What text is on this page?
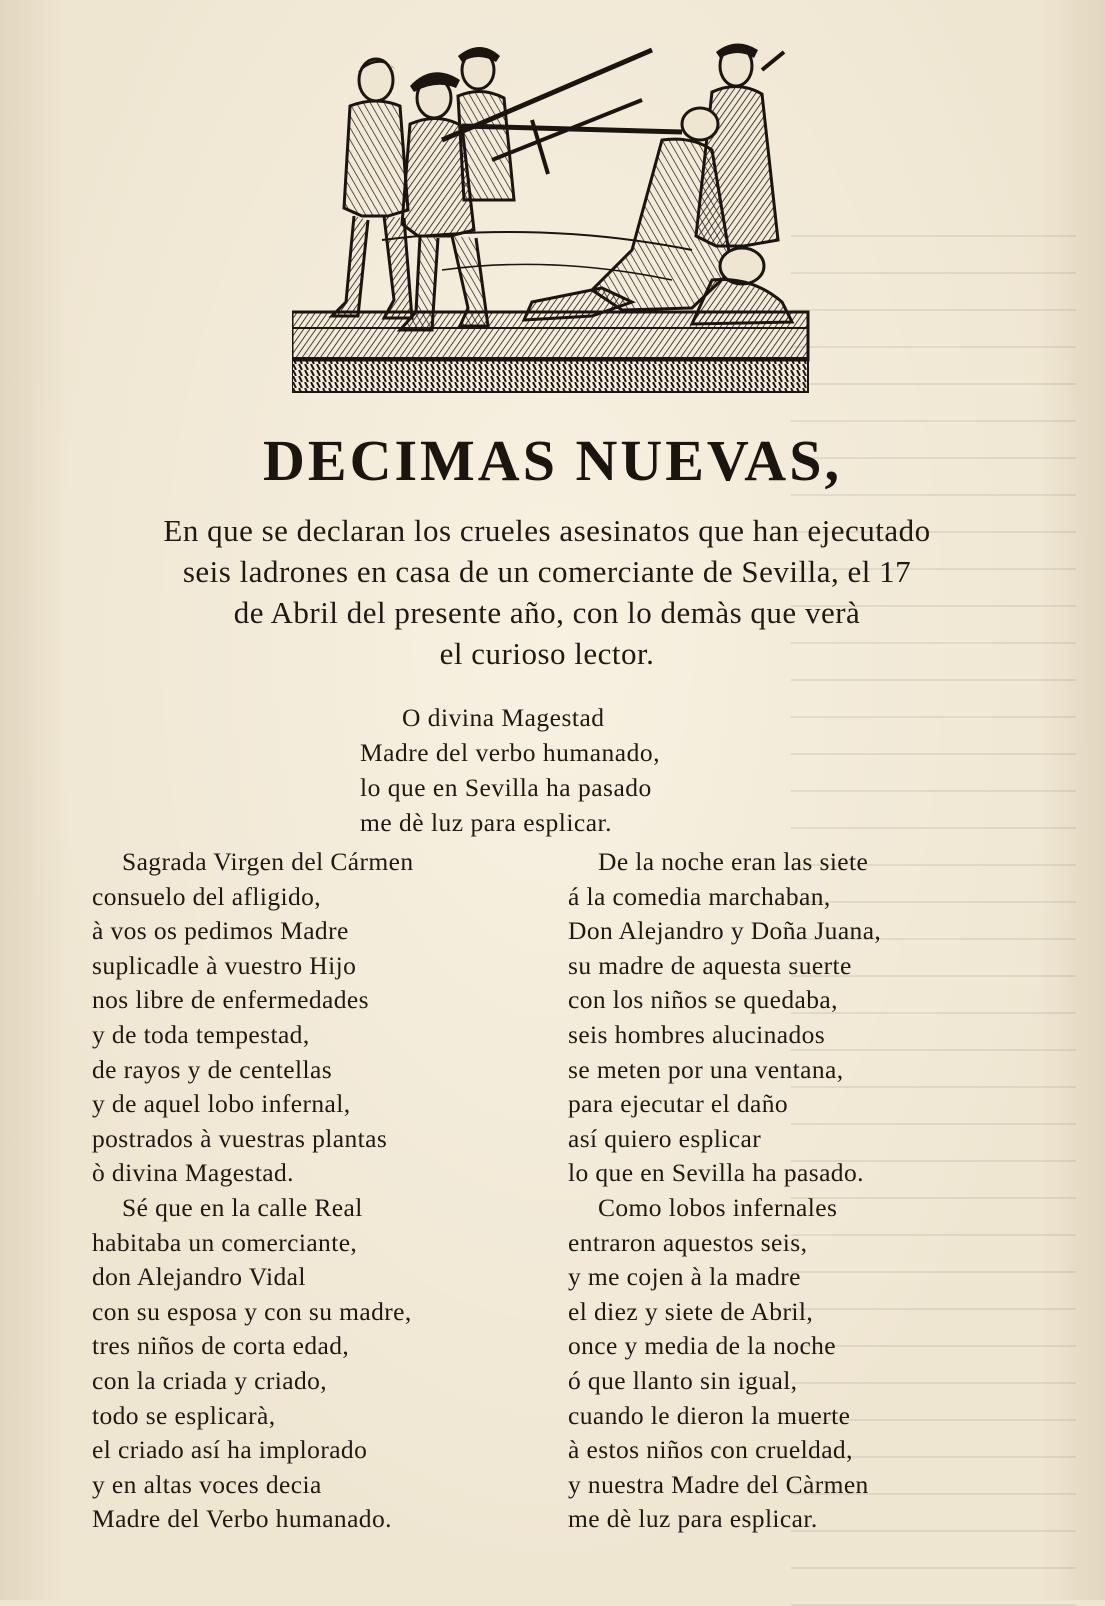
DECIMAS NUEVAS,
En que se declaran los crueles asesinatos que han ejecutado
seis ladrones en casa de un comerciante de Sevilla, el 17
de Abril del presente año, con lo demàs que verà
el curioso lector.
O divina Magestad
Madre del verbo humanado,
lo que en Sevilla ha pasado
me dè luz para esplicar.
Sagrada Virgen del Cármen
consuelo del afligido,
à vos os pedimos Madre
suplicadle à vuestro Hijo
nos libre de enfermedades
y de toda tempestad,
de rayos y de centellas
y de aquel lobo infernal,
postrados à vuestras plantas
ò divina Magestad.
Sé que en la calle Real
habitaba un comerciante,
don Alejandro Vidal
con su esposa y con su madre,
tres niños de corta edad,
con la criada y criado,
todo se esplicarà,
el criado así ha implorado
y en altas voces decia
Madre del Verbo humanado.
De la noche eran las siete
á la comedia marchaban,
Don Alejandro y Doña Juana,
su madre de aquesta suerte
con los niños se quedaba,
seis hombres alucinados
se meten por una ventana,
para ejecutar el daño
así quiero esplicar
lo que en Sevilla ha pasado.
Como lobos infernales
entraron aquestos seis,
y me cojen à la madre
el diez y siete de Abril,
once y media de la noche
ó que llanto sin igual,
cuando le dieron la muerte
à estos niños con crueldad,
y nuestra Madre del Càrmen
me dè luz para esplicar.
